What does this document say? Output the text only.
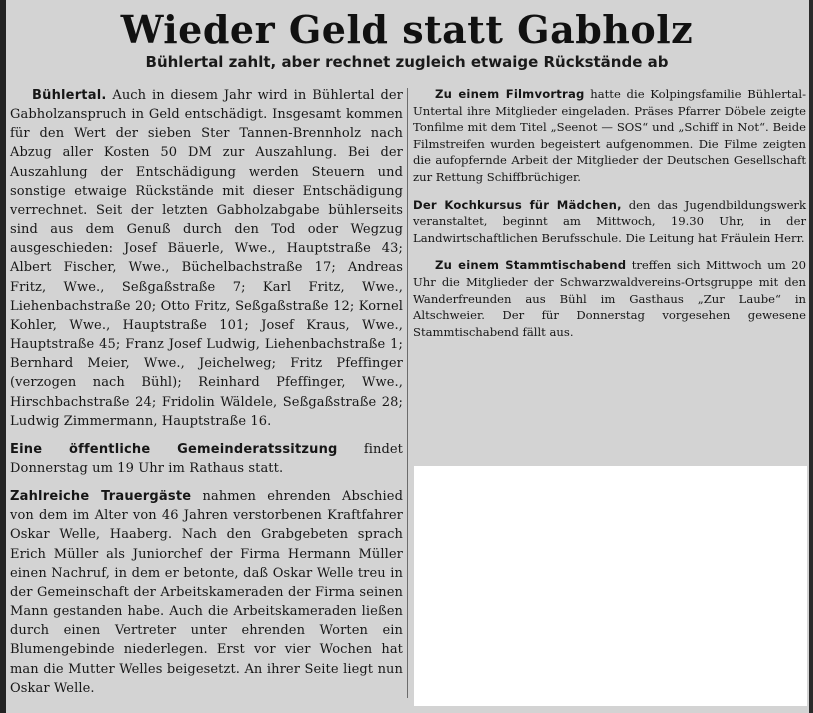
Wieder Geld statt Gabholz
Bühlertal zahlt, aber rechnet zugleich etwaige Rückstände ab

Bühlertal. Auch in diesem Jahr wird in Bühlertal der Gabholzanspruch in Geld entschädigt. Insgesamt kommen für den Wert der sieben Ster Tannen-Brennholz nach Abzug aller Kosten 50 DM zur Auszahlung. Bei der Auszahlung der Entschädigung werden Steuern und sonstige etwaige Rückstände mit dieser Entschädigung verrechnet. Seit der letzten Gabholzabgabe bühlerseits sind aus dem Genuß durch den Tod oder Wegzug ausgeschieden: Josef Bäuerle, Wwe., Hauptstraße 43; Albert Fischer, Wwe., Büchelbachstraße 17; Andreas Fritz, Wwe., Seßgaßstraße 7; Karl Fritz, Wwe., Liehenbachstraße 20; Otto Fritz, Seßgaßstraße 12; Kornel Kohler, Wwe., Hauptstraße 101; Josef Kraus, Wwe., Hauptstraße 45; Franz Josef Ludwig, Liehenbachstraße 1; Bernhard Meier, Wwe., Jeichelweg; Fritz Pfeffinger (verzogen nach Bühl); Reinhard Pfeffinger, Wwe., Hirschbachstraße 24; Fridolin Wäldele, Seßgaßstraße 28; Ludwig Zimmermann, Hauptstraße 16.

Eine öffentliche Gemeinderatssitzung findet Donnerstag um 19 Uhr im Rathaus statt.

Zahlreiche Trauergäste nahmen ehrenden Abschied von dem im Alter von 46 Jahren verstorbenen Kraftfahrer Oskar Welle, Haaberg. Nach den Grabgebeten sprach Erich Müller als Juniorchef der Firma Hermann Müller einen Nachruf, in dem er betonte, daß Oskar Welle treu in der Gemeinschaft der Arbeitskameraden der Firma seinen Mann gestanden habe. Auch die Arbeitskameraden ließen durch einen Vertreter unter ehrenden Worten ein Blumengebinde niederlegen. Erst vor vier Wochen hat man die Mutter Welles beigesetzt. An ihrer Seite liegt nun Oskar Welle.

Zu einem Filmvortrag hatte die Kolpingsfamilie Bühlertal-Untertal ihre Mitglieder eingeladen. Präses Pfarrer Döbele zeigte Tonfilme mit dem Titel „Seenot — SOS“ und „Schiff in Not“. Beide Filmstreifen wurden begeistert aufgenommen. Die Filme zeigten die aufopfernde Arbeit der Mitglieder der Deutschen Gesellschaft zur Rettung Schiffbrüchiger.

Der Kochkursus für Mädchen, den das Jugendbildungswerk veranstaltet, beginnt am Mittwoch, 19.30 Uhr, in der Landwirtschaftlichen Berufsschule. Die Leitung hat Fräulein Herr.

Zu einem Stammtischabend treffen sich Mittwoch um 20 Uhr die Mitglieder der Schwarzwaldvereins-Ortsgruppe mit den Wanderfreunden aus Bühl im Gasthaus „Zur Laube“ in Altschweier. Der für Donnerstag vorgesehen gewesene Stammtischabend fällt aus.
